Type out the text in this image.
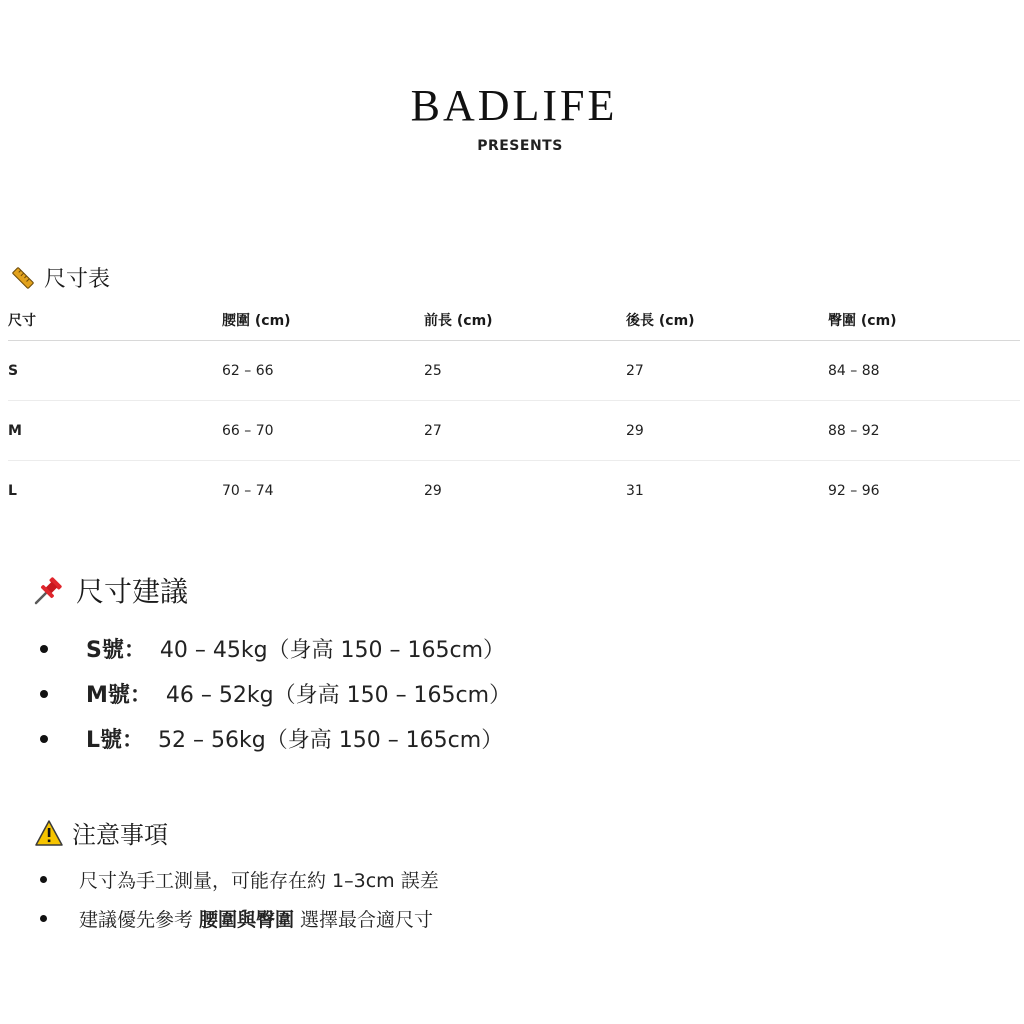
BADLIFE
PRESENTS
尺寸表
尺寸	腰圍 (cm)	前長 (cm)	後長 (cm)	臀圍 (cm)
S	62 – 66	25	27	84 – 88
M	66 – 70	27	29	88 – 92
L	70 – 74	29	31	92 – 96
尺寸建議
S號： 40 – 45kg（身高 150 – 165cm）
M號： 46 – 52kg（身高 150 – 165cm）
L號： 52 – 56kg（身高 150 – 165cm）
注意事項
尺寸為手工測量，可能存在約 1–3cm 誤差
建議優先參考 腰圍與臀圍 選擇最合適尺寸
